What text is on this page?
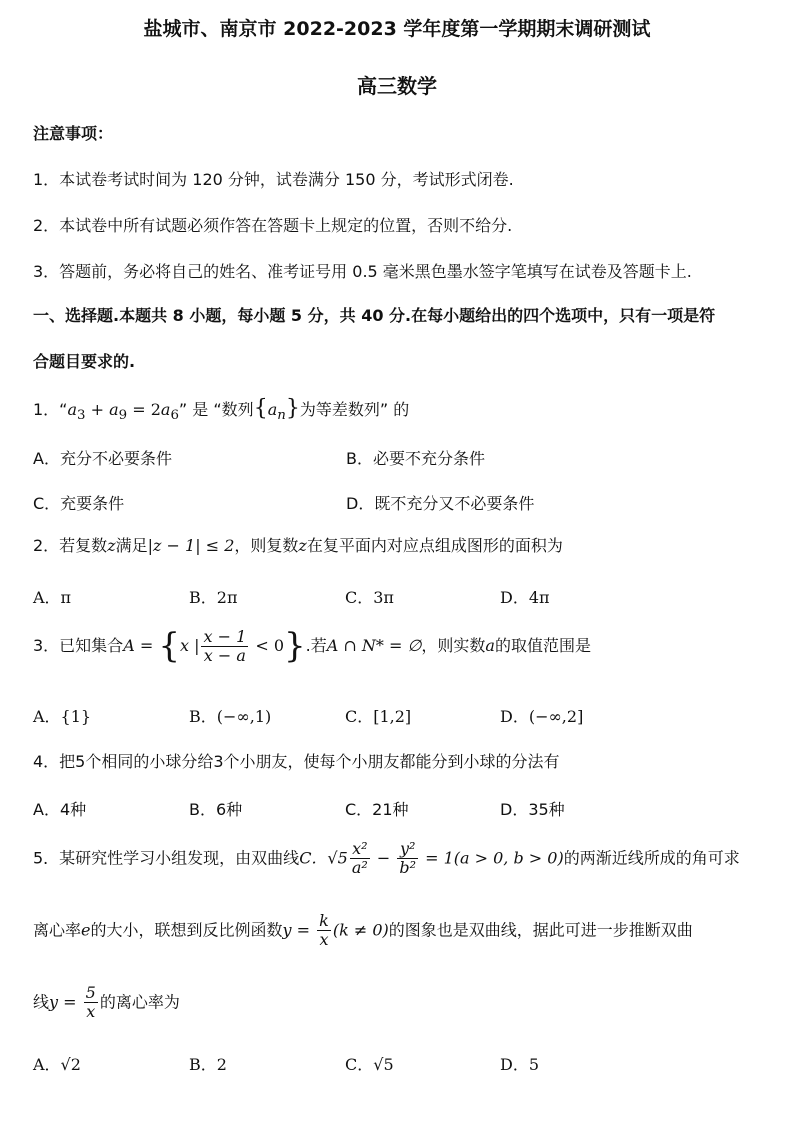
盐城市、南京市 2022-2023 学年度第一学期期末调研测试
高三数学
注意事项：
1．本试卷考试时间为 120 分钟，试卷满分 150 分，考试形式闭卷.
2．本试卷中所有试题必须作答在答题卡上规定的位置，否则不给分.
3．答题前，务必将自己的姓名、准考证号用 0.5 毫米黑色墨水签字笔填写在试卷及答题卡上.
一、选择题.本题共 8 小题，每小题 5 分，共 40 分.在每小题给出的四个选项中，只有一项是符
合题目要求的.
1．“$a_3 + a_9 = 2a_6$” 是 “数列$\{a_n\}$为等差数列” 的
A．充分不必要条件	B．必要不充分条件
C．充要条件	D．既不充分又不必要条件
2．若复数z满足|z − 1| ≤ 2，则复数z在复平面内对应点组成图形的面积为
A．π	B．2π	C．3π	D．4π
3．已知集合A = {x | $\frac{x - 1}{x - a} < 0$}.若A ∩ N* = ∅，则实数a的取值范围是
A．{1}	B．(−∞,1)	C．[1,2]	D．(−∞,2]
4．把5个相同的小球分给3个小朋友，使每个小朋友都能分到小球的分法有
A．4种	B．6种	C．21种	D．35种
5．某研究性学习小组发现，由双曲线C．$√5 \frac{\text{x²}}{\text{a²}} - \frac{\text{y²}}{\text{b²}} = 1(a > 0$, b > 0)的两渐近线所成的角可求
离心率e的大小，联想到反比例函数$y = \frac{k}{x} (k \ne 0)$的图象也是双曲线，据此可进一步推断双曲
线$y = \frac{5}{x}$ 的离心率为
A．√2	B．2	C．√5	D．5
